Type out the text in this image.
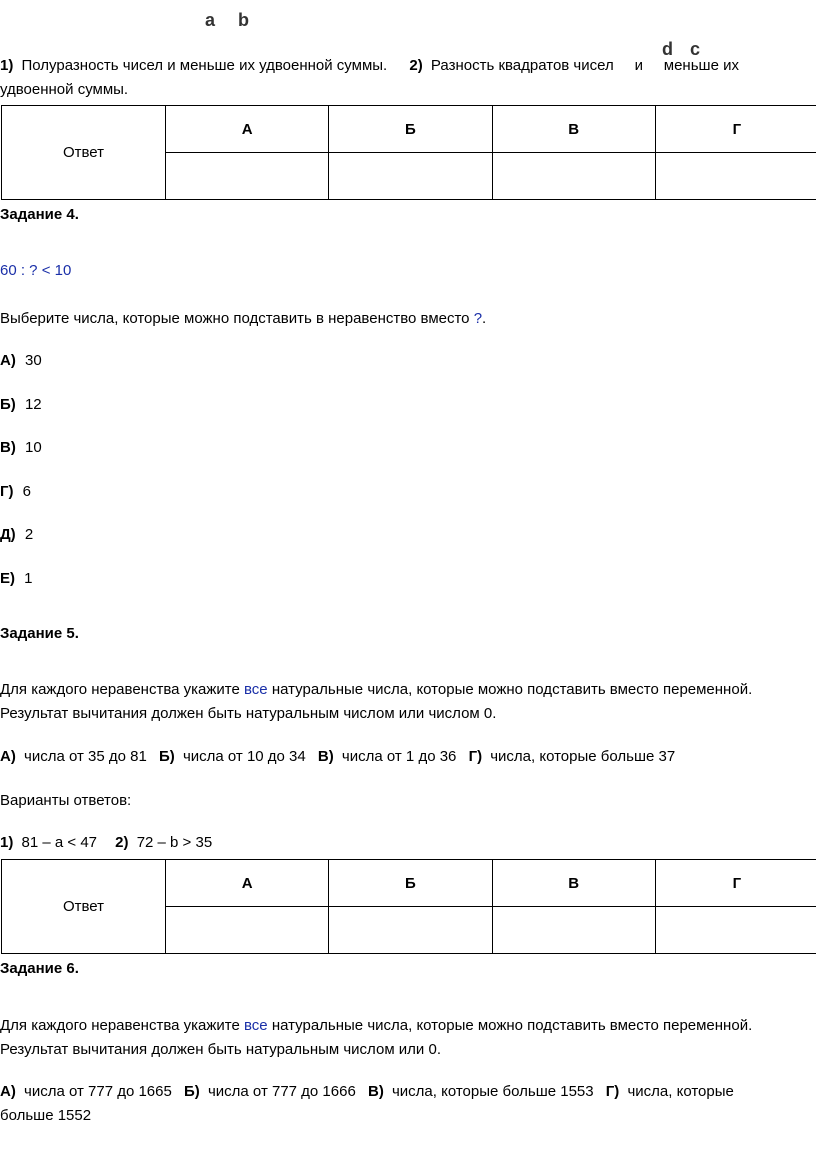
a b
d c
1) Полуразность чисел и меньше их удвоенной суммы. 2) Разность квадратов чисел     и     меньше их
удвоенной суммы.
Ответ	А	Б	В	Г

Задание 4.
60 : ? < 10
Выберите числа, которые можно подставить в неравенство вместо ?.
А) 30
Б) 12
В) 10
Г) 6
Д) 2
Е) 1
Задание 5.
Для каждого неравенства укажите все натуральные числа, которые можно подставить вместо переменной.
Результат вычитания должен быть натуральным числом или числом 0.
А) числа от 35 до 81 Б) числа от 10 до 34 В) числа от 1 до 36 Г) числа, которые больше 37
Варианты ответов:
1) 81 – a < 47 2) 72 – b > 35
Ответ	А	Б	В	Г

Задание 6.
Для каждого неравенства укажите все натуральные числа, которые можно подставить вместо переменной.
Результат вычитания должен быть натуральным числом или 0.
А) числа от 777 до 1665 Б) числа от 777 до 1666 В) числа, которые больше 1553 Г) числа, которые
больше 1552
